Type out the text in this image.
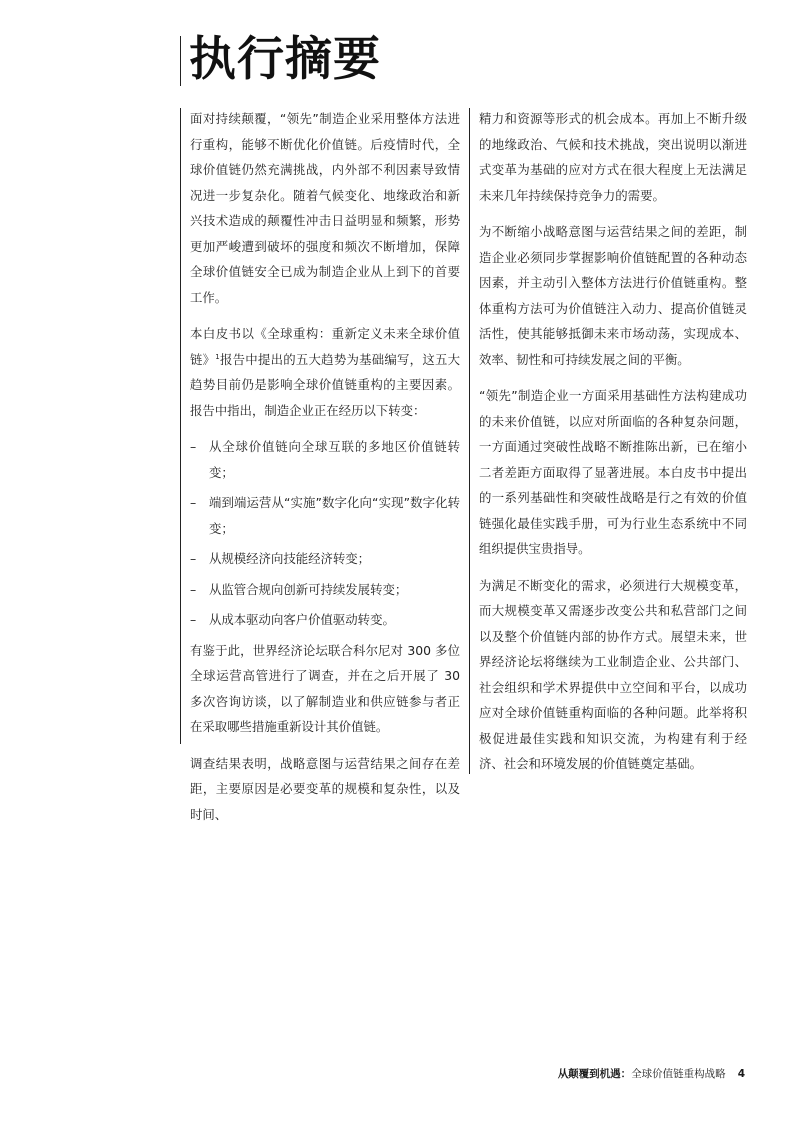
执行摘要

面对持续颠覆，“领先”制造企业采用整体方法进行重构，能够不断优化价值链。后疫情时代，全球价值链仍然充满挑战，内外部不利因素导致情况进一步复杂化。随着气候变化、地缘政治和新兴技术造成的颠覆性冲击日益明显和频繁，形势更加严峻遭到破坏的强度和频次不断增加，保障全球价值链安全已成为制造企业从上到下的首要工作。

本白皮书以《全球重构：重新定义未来全球价值链》$^1$报告中提出的五大趋势为基础编写，这五大趋势目前仍是影响全球价值链重构的主要因素。报告中指出，制造企业正在经历以下转变：

– 从全球价值链向全球互联的多地区价值链转变；
– 端到端运营从“实施”数字化向“实现”数字化转变；
– 从规模经济向技能经济转变；
– 从监管合规向创新可持续发展转变；
– 从成本驱动向客户价值驱动转变。

有鉴于此，世界经济论坛联合科尔尼对 300 多位全球运营高管进行了调查，并在之后开展了 30 多次咨询访谈，以了解制造业和供应链参与者正在采取哪些措施重新设计其价值链。

调查结果表明，战略意图与运营结果之间存在差距，主要原因是必要变革的规模和复杂性，以及时间、

精力和资源等形式的机会成本。再加上不断升级的地缘政治、气候和技术挑战，突出说明以渐进式变革为基础的应对方式在很大程度上无法满足未来几年持续保持竞争力的需要。

为不断缩小战略意图与运营结果之间的差距，制造企业必须同步掌握影响价值链配置的各种动态因素，并主动引入整体方法进行价值链重构。整体重构方法可为价值链注入动力、提高价值链灵活性，使其能够抵御未来市场动荡，实现成本、效率、韧性和可持续发展之间的平衡。

“领先”制造企业一方面采用基础性方法构建成功的未来价值链，以应对所面临的各种复杂问题，一方面通过突破性战略不断推陈出新，已在缩小二者差距方面取得了显著进展。本白皮书中提出的一系列基础性和突破性战略是行之有效的价值链强化最佳实践手册，可为行业生态系统中不同组织提供宝贵指导。

为满足不断变化的需求，必须进行大规模变革，而大规模变革又需逐步改变公共和私营部门之间以及整个价值链内部的协作方式。展望未来，世界经济论坛将继续为工业制造企业、公共部门、社会组织和学术界提供中立空间和平台，以成功应对全球价值链重构面临的各种问题。此举将积极促进最佳实践和知识交流，为构建有利于经济、社会和环境发展的价值链奠定基础。

从颠覆到机遇：全球价值链重构战略 4
